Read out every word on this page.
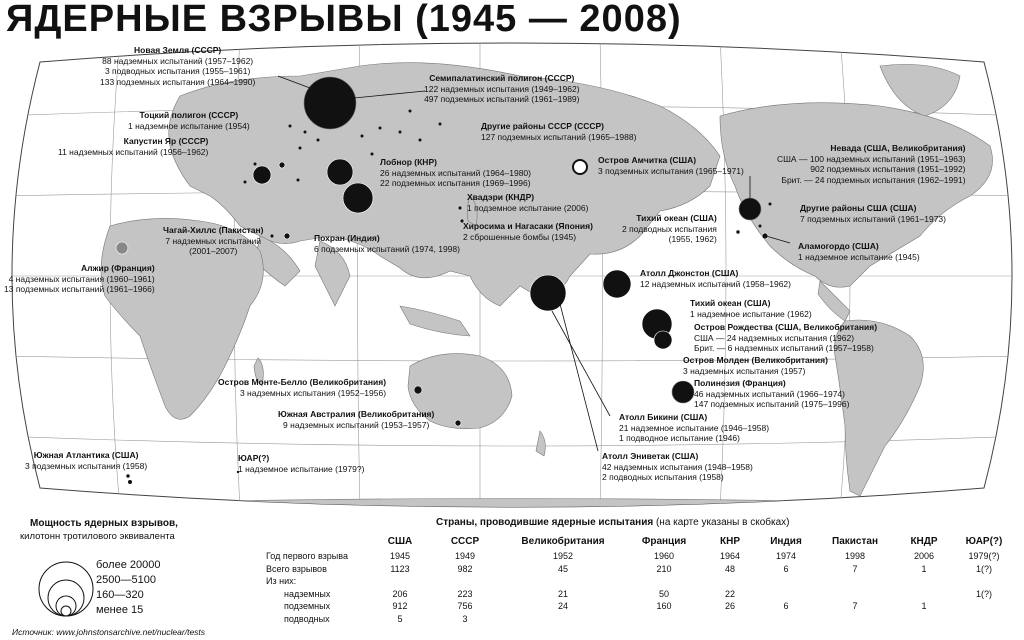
ЯДЕРНЫЕ ВЗРЫВЫ (1945 — 2008)
Новая Земля (СССР)
88 надземных испытаний (1957–1962)
3 подводных испытания (1955–1961)
133 подземных испытания (1964–1990)	Семипалатинский полигон (СССР)
122 надземных испытания (1949–1962)
497 подземных испытаний (1961–1989)
Тоцкий полигон (СССР)
1 надземное испытание (1954)
Капустин Яр (СССР)
11 надземных испытаний (1956–1962)
Другие районы СССР (СССР)
127 подземных испытаний (1965–1988)
Остров Амчитка (США)
3 подземных испытания (1965–1971)
Невада (США, Великобритания)
США — 100 надземных испытаний (1951–1963)
902 подземных испытания (1951–1992)
Брит. — 24 подземных испытания (1962–1991)
Лобнор (КНР)
26 надземных испытаний (1964–1980)
22 подземных испытания (1969–1996)
Хвадэри (КНДР)
1 подземное испытание (2006)
Хиросима и Нагасаки (Япония)
2 сброшенные бомбы (1945)
Тихий океан (США)
2 подводных испытания
(1955, 1962)
Другие районы США (США)
7 подземных испытаний (1961–1973)
Аламогордо (США)
1 надземное испытание (1945)
Чагай-Хиллс (Пакистан)
7 надземных испытаний
(2001–2007)
Похран (Индия)
6 подземных испытаний (1974, 1998)
Алжир (Франция)
4 надземных испытания (1960–1961)
13 подземных испытаний (1961–1966)
Атолл Джонстон (США)
12 надземных испытаний (1958–1962)
Тихий океан (США)
1 надземное испытание (1962)
Остров Рождества (США, Великобритания)
США — 24 надземных испытания (1962)
Брит. — 6 надземных испытаний (1957–1958)
Остров Молден (Великобритания)
3 надземных испытания (1957)
Полинезия (Франция)
46 надземных испытаний (1966–1974)
147 подземных испытаний (1975–1996)
Остров Монте-Белло (Великобритания)
3 надземных испытания (1952–1956)
Южная Австралия (Великобритания)
9 надземных испытаний (1953–1957)
Атолл Бикини (США)
21 надземное испытание (1946–1958)
1 подводное испытание (1946)
Атолл Эниветак (США)
42 надземных испытания (1948–1958)
2 подводных испытания (1958)
Южная Атлантика (США)
3 подземных испытания (1958)
ЮАР(?)
1 надземное испытание (1979?)
Мощность ядерных взрывов,
килотонн тротилового эквивалента
более 20000
2500—5100
160—320
менее 15
Источник: www.johnstonsarchive.net/nuclear/tests
Страны, проводившие ядерные испытания (на карте указаны в скобках)
	США	СССР	Великобритания	Франция	КНР	Индия	Пакистан	КНДР	ЮАР(?)
Год первого взрыва	1945	1949	1952	1960	1964	1974	1998	2006	1979(?)
Всего взрывов	1123	982	45	210	48	6	7	1	1(?)
Из них:									
надземных	206	223	21	50	22				1(?)
подземных	912	756	24	160	26	6	7	1	
подводных	5	3							
